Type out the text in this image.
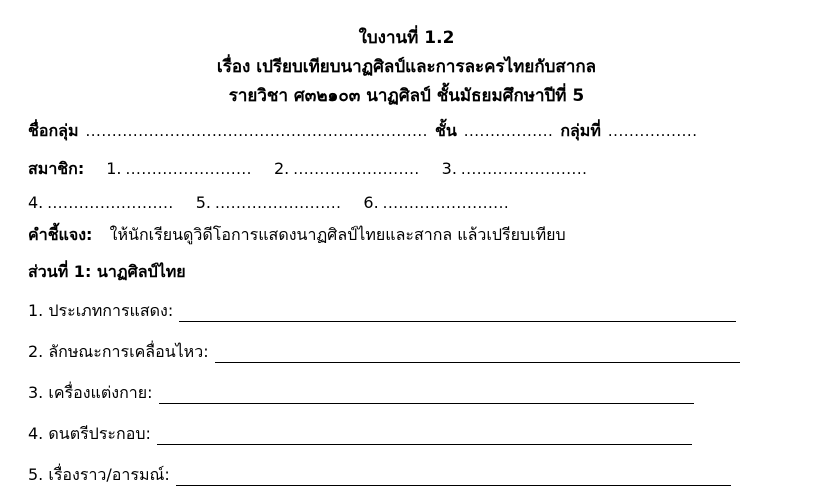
ใบงานที่ 1.2
เรื่อง เปรียบเทียบนาฏศิลป์และการละครไทยกับสากล
รายวิชา ศ๓๒๑๐๓ นาฏศิลป์ ชั้นมัธยมศึกษาปีที่ 5
ชื่อกลุ่ม ................................................................. ชั้น ................. กลุ่มที่ .................
สมาชิก: 1. ........................ 2. ........................ 3. ........................
4. ........................ 5. ........................ 6. ........................
คำชี้แจง: ให้นักเรียนดูวิดีโอการแสดงนาฏศิลป์ไทยและสากล แล้วเปรียบเทียบ
ส่วนที่ 1: นาฏศิลป์ไทย
1. ประเภทการแสดง:
2. ลักษณะการเคลื่อนไหว:
3. เครื่องแต่งกาย:
4. ดนตรีประกอบ:
5. เรื่องราว/อารมณ์:
